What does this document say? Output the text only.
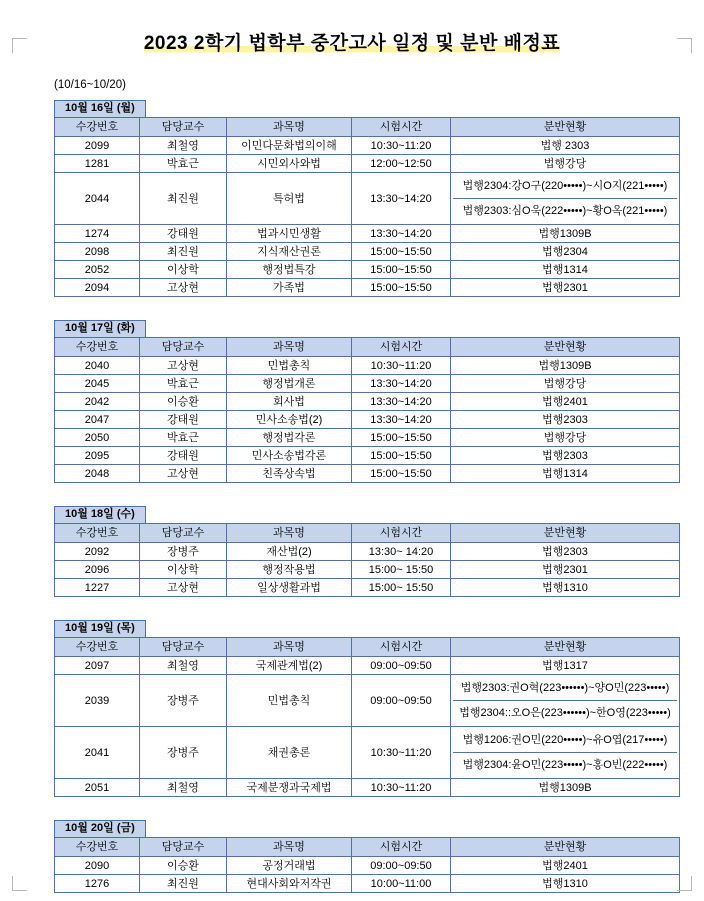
2023 2학기 법학부 중간고사 일정 및 분반 배정표
(10/16~10/20)
10월 16일 (월)
수강번호	담당교수	과목명	시험시간	분반현황
2099	최철영	이민다문화법의이해	10:30~11:20	법행 2303
1281	박효근	시민외사와법	12:00~12:50	법행강당
2044	최진원	특허법	13:30~14:20	법행2304:강O구(220•••••)~시O지(221•••••)
법행2303:심O욱(222•••••)~황O옥(221•••••)

1274	강태원	법과시민생활	13:30~14:20	법행1309B
2098	최진원	지식재산권론	15:00~15:50	법행2304
2052	이상학	행정법특강	15:00~15:50	법행1314
2094	고상현	가족법	15:00~15:50	법행2301
10월 17일 (화)
수강번호	담당교수	과목명	시험시간	분반현황
2040	고상현	민법총칙	10:30~11:20	법행1309B
2045	박효근	행정법개론	13:30~14:20	법행강당
2042	이승환	회사법	13:30~14:20	법행2401
2047	강태원	민사소송법(2)	13:30~14:20	법행2303
2050	박효근	행정법각론	15:00~15:50	법행강당
2095	강태원	민사소송법각론	15:00~15:50	법행2303
2048	고상현	친족상속법	15:00~15:50	법행1314
10월 18일 (수)
수강번호	담당교수	과목명	시험시간	분반현황
2092	장병주	재산법(2)	13:30~ 14:20	법행2303
2096	이상학	행정작용법	15:00~ 15:50	법행2301
1227	고상현	일상생활과법	15:00~ 15:50	법행1310
10월 19일 (목)
수강번호	담당교수	과목명	시험시간	분반현황
2097	최철영	국제관계법(2)	09:00~09:50	법행1317
2039	장병주	민법총칙	09:00~09:50	법행2303:권O혁(223••••••)~양O민(223•••••)
법행2304::오O은(223••••••)~한O영(223•••••)

2041	장병주	채권총론	10:30~11:20	법행1206:권O민(220•••••)~유O엽(217•••••)
법행2304:윤O민(223•••••)~홍O빈(222•••••)

2051	최철영	국제분쟁과국제법	10:30~11:20	법행1309B
10월 20일 (금)
수강번호	담당교수	과목명	시험시간	분반현황
2090	이승환	공정거래법	09:00~09:50	법행2401
1276	최진원	현대사회와저작권	10:00~11:00	법행1310
